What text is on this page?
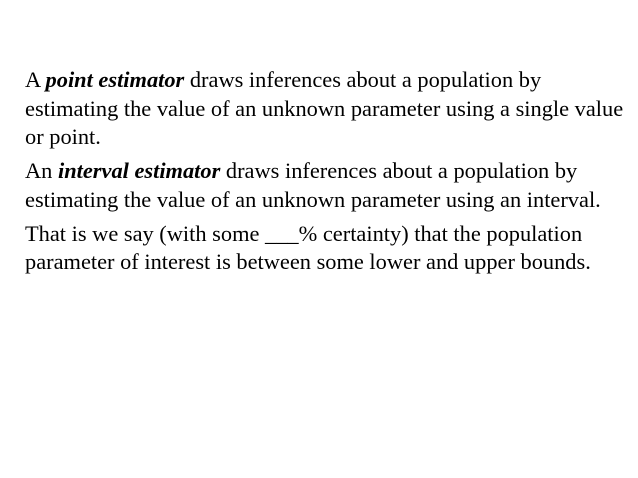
A point estimator draws inferences about a population by estimating the value of an unknown parameter using a single value or point.

An interval estimator draws inferences about a population by estimating the value of an unknown parameter using an interval.

That is we say (with some ___% certainty) that the population parameter of interest is between some lower and upper bounds.
